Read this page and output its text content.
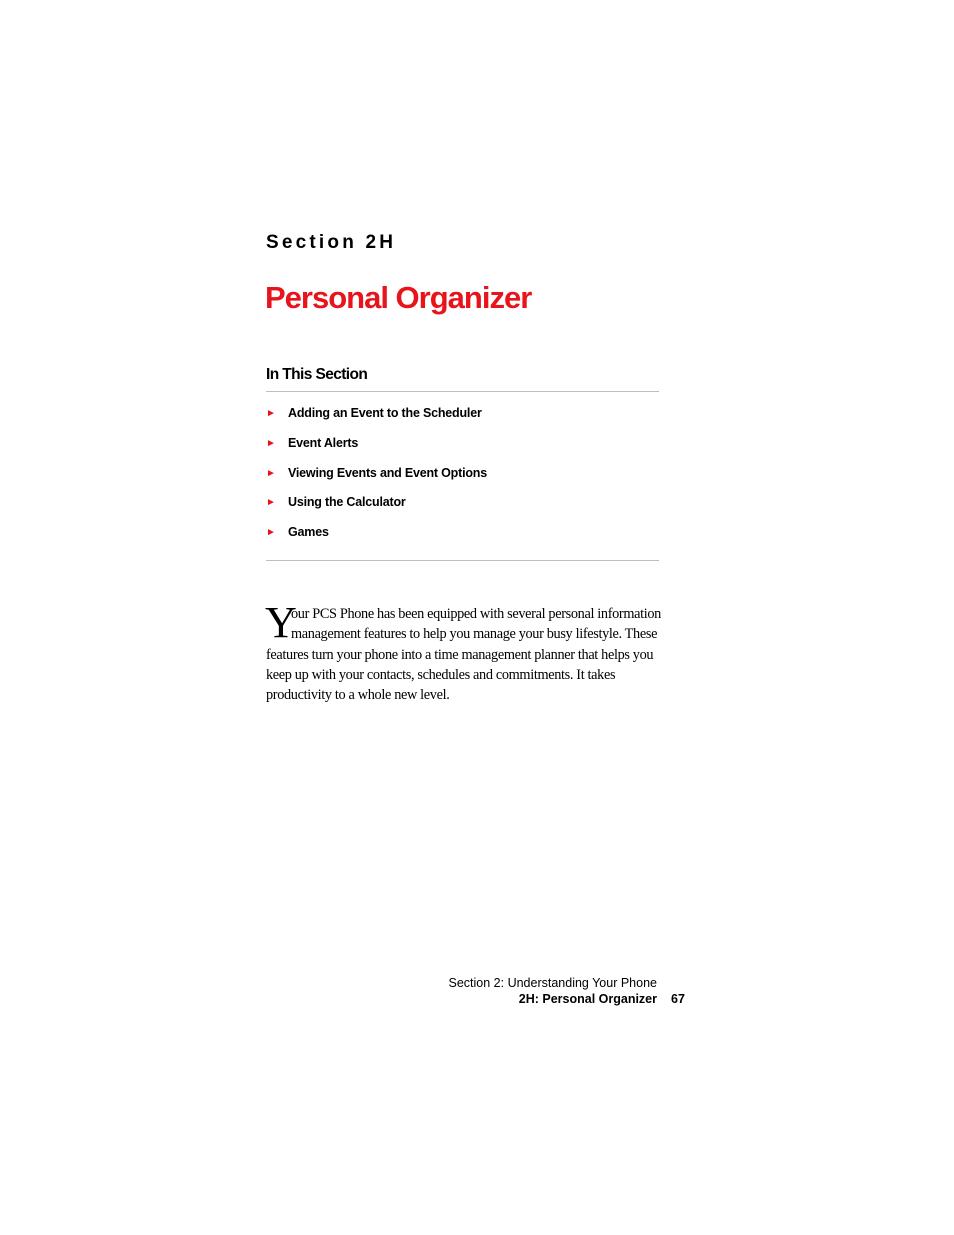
Section 2H
Personal Organizer
In This Section
► Adding an Event to the Scheduler
► Event Alerts
► Viewing Events and Event Options
► Using the Calculator
► Games
Y

our PCS Phone has been equipped with several personal information
management features to help you manage your busy lifestyle. These
features turn your phone into a time management planner that helps you
keep up with your contacts, schedules and commitments. It takes
productivity to a whole new level.

Section 2: Understanding Your Phone
2H: Personal Organizer 67
